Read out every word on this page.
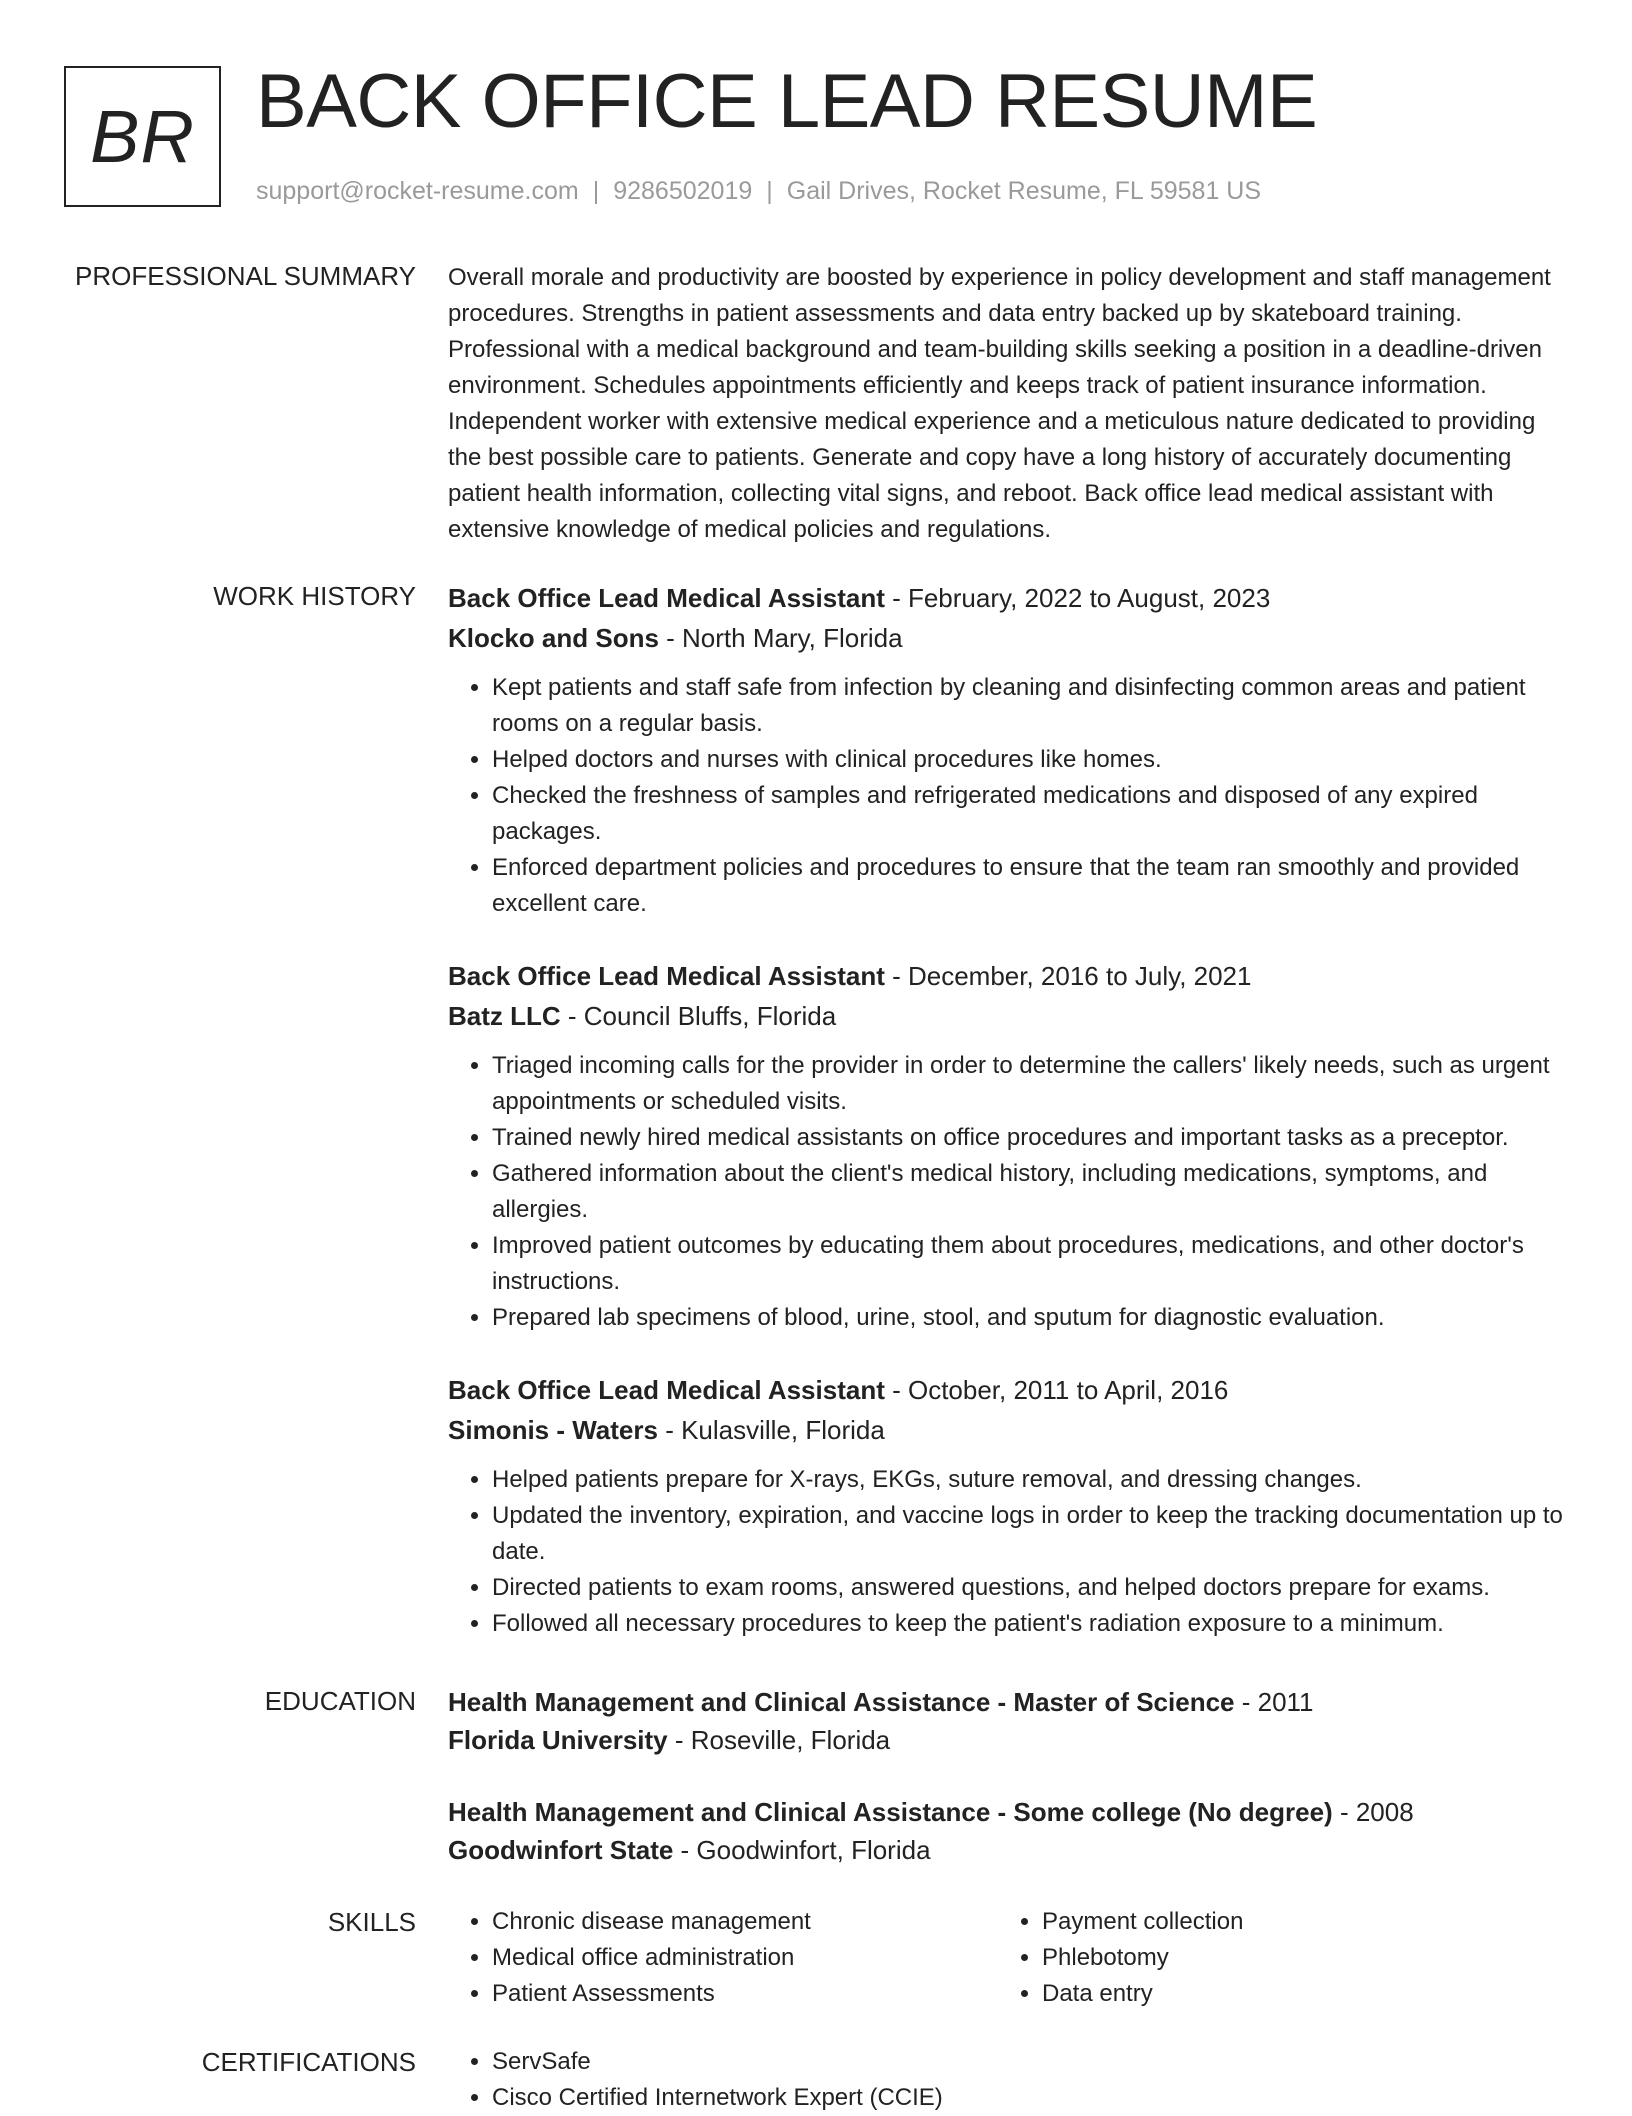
BR BACK OFFICE LEAD RESUME
support@rocket-resume.com | 9286502019 | Gail Drives, Rocket Resume, FL 59581 US
PROFESSIONAL SUMMARY Overall morale and productivity are boosted by experience in policy development and staff management procedures. Strengths in patient assessments and data entry backed up by skateboard training. Professional with a medical background and team-building skills seeking a position in a deadline-driven environment. Schedules appointments efficiently and keeps track of patient insurance information. Independent worker with extensive medical experience and a meticulous nature dedicated to providing the best possible care to patients. Generate and copy have a long history of accurately documenting patient health information, collecting vital signs, and reboot. Back office lead medical assistant with extensive knowledge of medical policies and regulations.

WORK HISTORY Back Office Lead Medical Assistant - February, 2022 to August, 2023
Klocko and Sons - North Mary, Florida
• Kept patients and staff safe from infection by cleaning and disinfecting common areas and patient rooms on a regular basis.
• Helped doctors and nurses with clinical procedures like homes.
• Checked the freshness of samples and refrigerated medications and disposed of any expired packages.
• Enforced department policies and procedures to ensure that the team ran smoothly and provided excellent care.
Back Office Lead Medical Assistant - December, 2016 to July, 2021
Batz LLC - Council Bluffs, Florida
• Triaged incoming calls for the provider in order to determine the callers' likely needs, such as urgent appointments or scheduled visits.
• Trained newly hired medical assistants on office procedures and important tasks as a preceptor.
• Gathered information about the client's medical history, including medications, symptoms, and allergies.
• Improved patient outcomes by educating them about procedures, medications, and other doctor's instructions.
• Prepared lab specimens of blood, urine, stool, and sputum for diagnostic evaluation.
Back Office Lead Medical Assistant - October, 2011 to April, 2016
Simonis - Waters - Kulasville, Florida
• Helped patients prepare for X-rays, EKGs, suture removal, and dressing changes.
• Updated the inventory, expiration, and vaccine logs in order to keep the tracking documentation up to date.
• Directed patients to exam rooms, answered questions, and helped doctors prepare for exams.
• Followed all necessary procedures to keep the patient's radiation exposure to a minimum.
EDUCATION Health Management and Clinical Assistance - Master of Science - 2011
Florida University - Roseville, Florida
Health Management and Clinical Assistance - Some college (No degree) - 2008
Goodwinfort State - Goodwinfort, Florida
SKILLS	• Chronic disease management
• Medical office administration
• Patient Assessments
• Payment collection
• Phlebotomy
• Data entry
CERTIFICATIONS	• ServSafe
• Cisco Certified Internetwork Expert (CCIE)
